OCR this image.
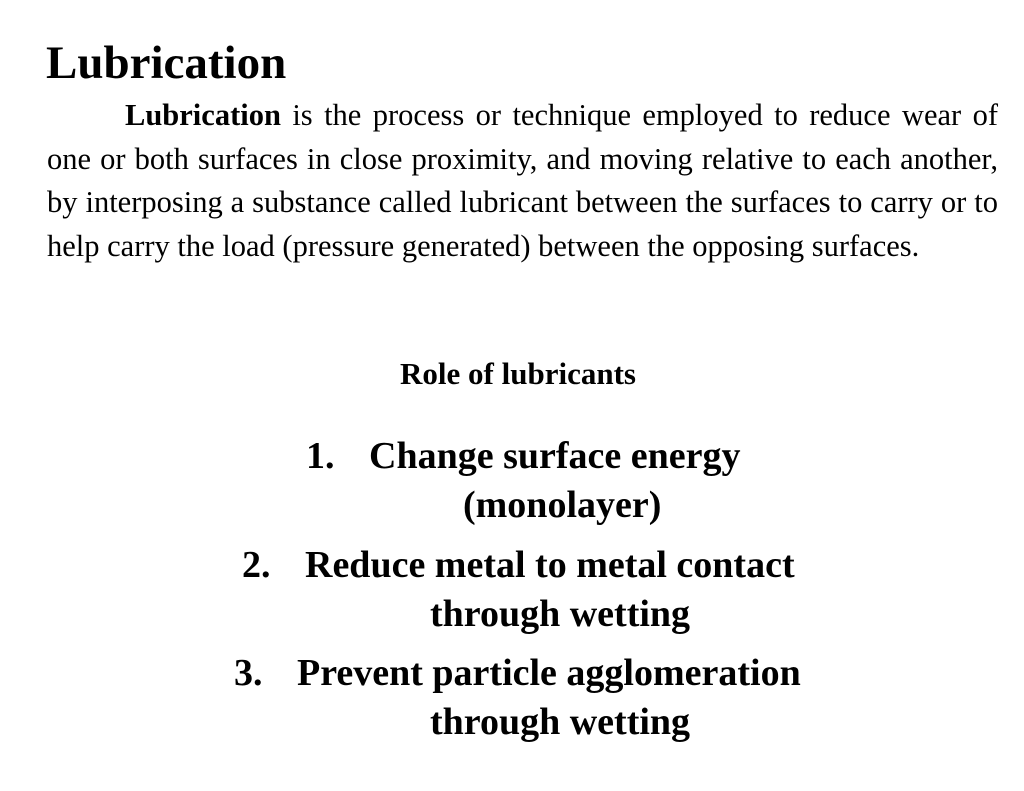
Lubrication

Lubrication is the process or technique employed to reduce wear of one or both surfaces in close proximity, and moving relative to each another, by interposing a substance called lubricant between the surfaces to carry or to help carry the load (pressure generated) between the opposing surfaces.

Role of lubricants
1. Change surface energy
(monolayer)
2. Reduce metal to metal contact
through wetting
3. Prevent particle agglomeration
through wetting
